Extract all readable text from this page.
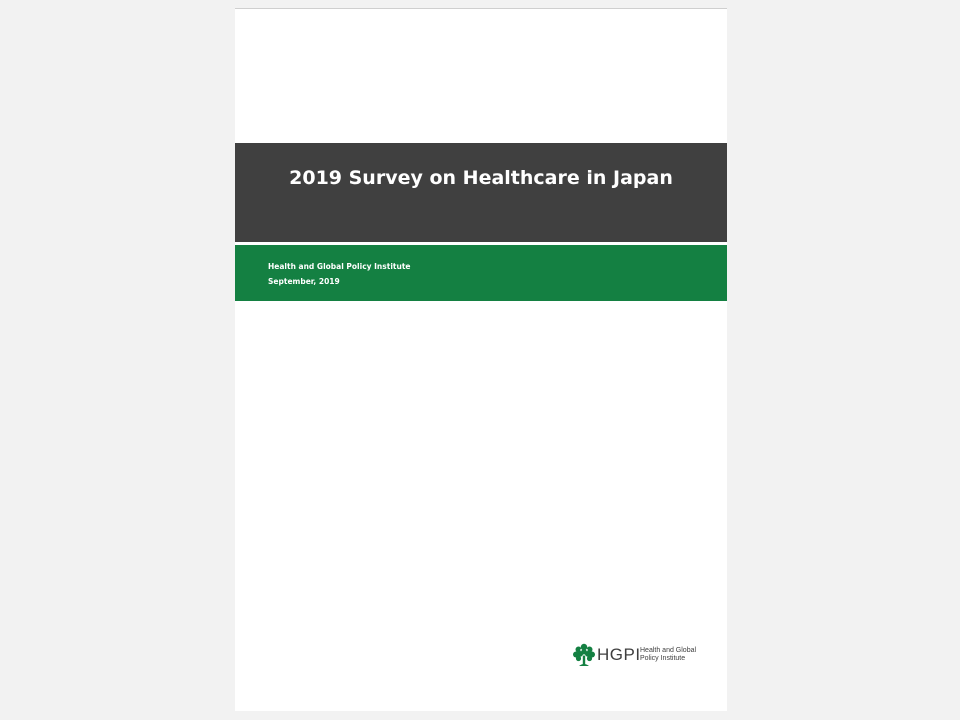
2019 Survey on Healthcare in Japan
Health and Global Policy Institute
September, 2019
HGPI Health and Global
Policy Institute
